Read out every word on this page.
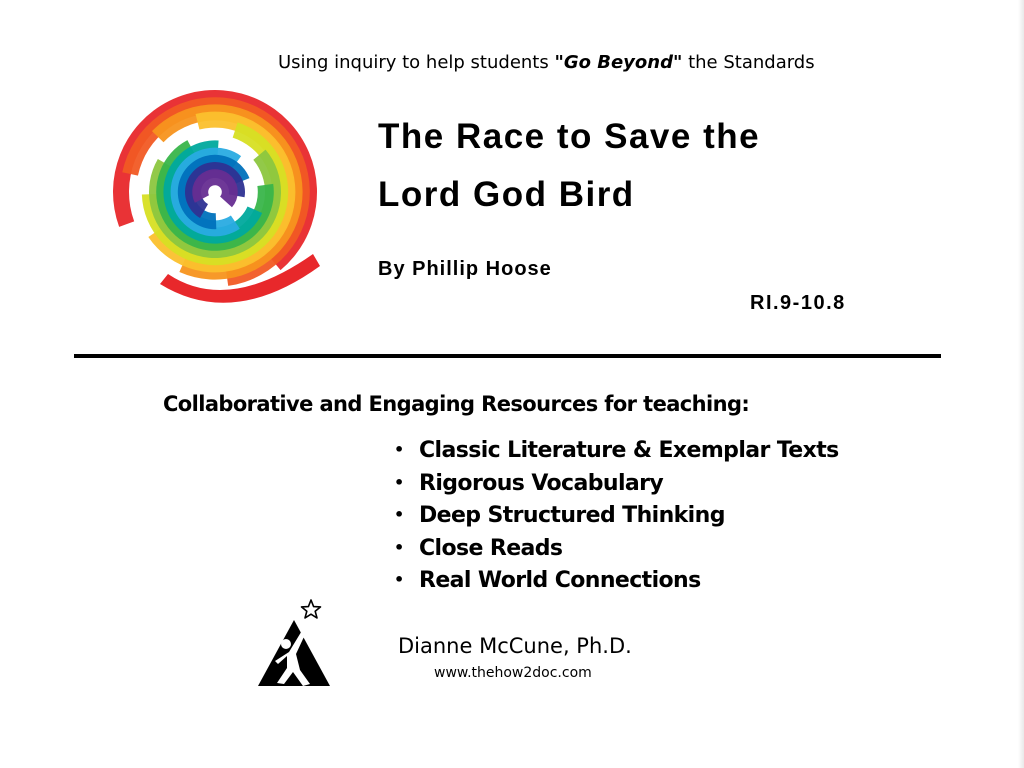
Using inquiry to help students "Go Beyond" the Standards
The Race to Save the
Lord God Bird
By Phillip Hoose
RI.9-10.8
Collaborative and Engaging Resources for teaching:
• Classic Literature & Exemplar Texts
• Rigorous Vocabulary
• Deep Structured Thinking
• Close Reads
• Real World Connections
Dianne McCune, Ph.D.
www.thehow2doc.com
